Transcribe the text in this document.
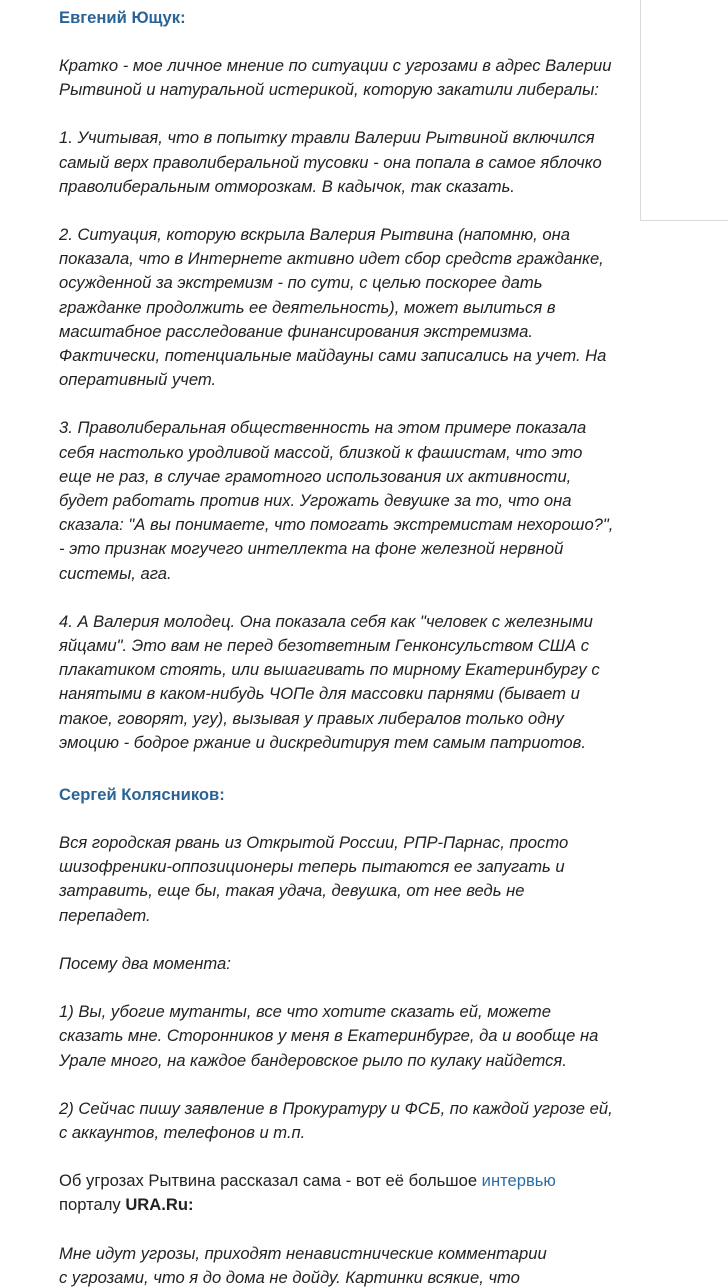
Евгений Ющук:

Кратко - мое личное мнение по ситуации с угрозами в адрес Валерии
Рытвиной и натуральной истерикой, которую закатили либералы:

1. Учитывая, что в попытку травли Валерии Рытвиной включился
самый верх праволиберальной тусовки - она попала в самое яблочко
праволиберальным отморозкам. В кадычок, так сказать.

2. Ситуация, которую вскрыла Валерия Рытвина (напомню, она
показала, что в Интернете активно идет сбор средств гражданке,
осужденной за экстремизм - по сути, с целью поскорее дать
гражданке продолжить ее деятельность), может вылиться в
масштабное расследование финансирования экстремизма.
Фактически, потенциальные майдауны сами записались на учет. На
оперативный учет.

3. Праволиберальная общественность на этом примере показала
себя настолько уродливой массой, близкой к фашистам, что это
еще не раз, в случае грамотного использования их активности,
будет работать против них. Угрожать девушке за то, что она
сказала: "А вы понимаете, что помогать экстремистам нехорошо?",
- это признак могучего интеллекта на фоне железной нервной
системы, ага.

4. А Валерия молодец. Она показала себя как "человек с железными
яйцами". Это вам не перед безответным Генконсульством США с
плакатиком стоять, или вышагивать по мирному Екатеринбургу с
нанятыми в каком-нибудь ЧОПе для массовки парнями (бывает и
такое, говорят, угу), вызывая у правых либералов только одну
эмоцию - бодрое ржание и дискредитируя тем самым патриотов.

Сергей Колясников:

Вся городская рвань из Открытой России, РПР-Парнас, просто
шизофреники-оппозиционеры теперь пытаются ее запугать и
затравить, еще бы, такая удача, девушка, от нее ведь не
перепадет.

Посему два момента:

1) Вы, убогие мутанты, все что хотите сказать ей, можете
сказать мне. Сторонников у меня в Екатеринбурге, да и вообще на
Урале много, на каждое бандеровское рыло по кулаку найдется.

2) Сейчас пишу заявление в Прокуратуру и ФСБ, по каждой угрозе ей,
с аккаунтов, телефонов и т.п.

Об угрозах Рытвина рассказал сама - вот её большое интервью
порталу URA.Ru:

Мне идут угрозы, приходят ненавистнические комментарии
с угрозами, что я до дома не дойду. Картинки всякие, что
